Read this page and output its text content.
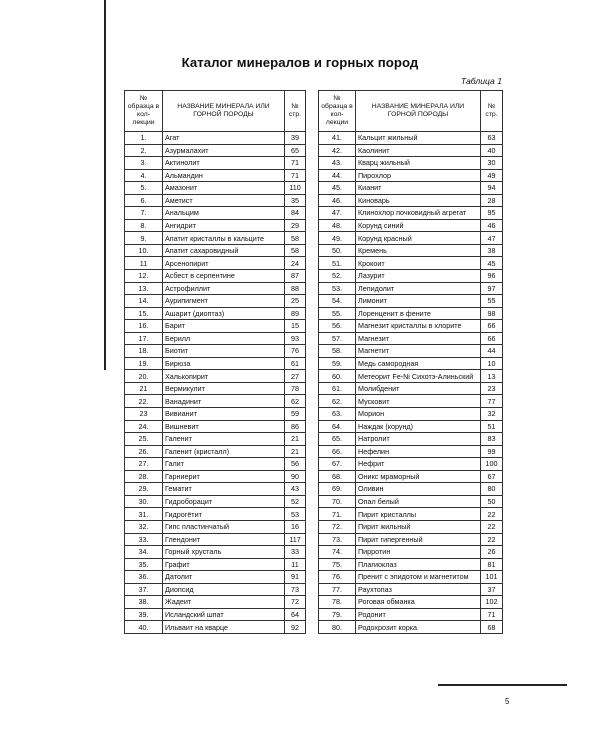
Каталог минералов и горных пород
Таблица 1
№ образца в кол-лекции	НАЗВАНИЕ МИНЕРАЛА ИЛИ ГОРНОЙ ПОРОДЫ	№ стр.
1.	Агат	39
2.	Азурмалахит	65
3.	Актинолит	71
4.	Альмандин	71
5.	Амазонит	110
6.	Аметист	35
7.	Анальцим	84
8.	Ангидрит	29
9.	Апатит кристаллы в кальците	58
10.	Апатит сахаровидный	58
11	Арсенопирит	24
12.	Асбест в серпентине	87
13.	Астрофиллит	88
14.	Аурипигмент	25
15.	Ашарит (диоптаз)	89
16.	Барит	15
17.	Берилл	93
18.	Биотит	76
19.	Бирюза	61
20.	Халькопирит	27
21	Вермикулит	78
22.	Ванадинит	62
23	Вивианит	59
24.	Вишневит	86
25.	Галенит	21
26.	Галенит (кристалл)	21
27.	Галит	56
28.	Гарниерит	90
29.	Гематит	43
30.	Гидроборацит	52
31.	Гидрогётит	53
32.	Гипс пластинчатый	16
33.	Глендонит	117
34.	Горный хрусталь	33
35.	Графит	11
36.	Датолит	91
37.	Диопсид	73
38.	Жадеит	72
39.	Исландский шпат	64
40.	Ильваит на кварце	92
№ образца в кол-лекции	НАЗВАНИЕ МИНЕРАЛА ИЛИ ГОРНОЙ ПОРОДЫ	№ стр.
41.	Кальцит жильный	63
42.	Каолинит	40
43.	Кварц жильный	30
44.	Пирохлор	49
45.	Кианит	94
46.	Киноварь	28
47.	Клинохлор почковидный агрегат	95
48.	Корунд синий	46
49.	Корунд красный	47
50.	Кремень	38
51.	Крокоит	45
52.	Лазурит	96
53.	Лепидолит	97
54.	Лимонит	55
55.	Лоренценит в фените	98
56.	Магнезит кристаллы в хлорите	66
57.	Магнезит	66
58.	Магнетит	44
59.	Медь самородная	10
60.	Метеорит Fe-Ni Сихотэ-Алиньский	13
61.	Молибденит	23
62.	Мусковит	77
63.	Морион	32
64.	Наждак (корунд)	51
65.	Натролит	83
66.	Нефелин	99
67.	Нефрит	100
68.	Оникс мраморный	67
69.	Оливин	80
70.	Опал белый	50
71.	Пирит кристаллы	22
72.	Пирит жильный	22
73.	Пирит гипергенный	22
74.	Пирротин	26
75.	Плагиоклаз	81
76.	Пренит с эпидотом и магнетитом	101
77.	Раухтопаз	37
78.	Роговая обманка	102
79.	Родонит	71
80.	Родохрозит корка	68
5
